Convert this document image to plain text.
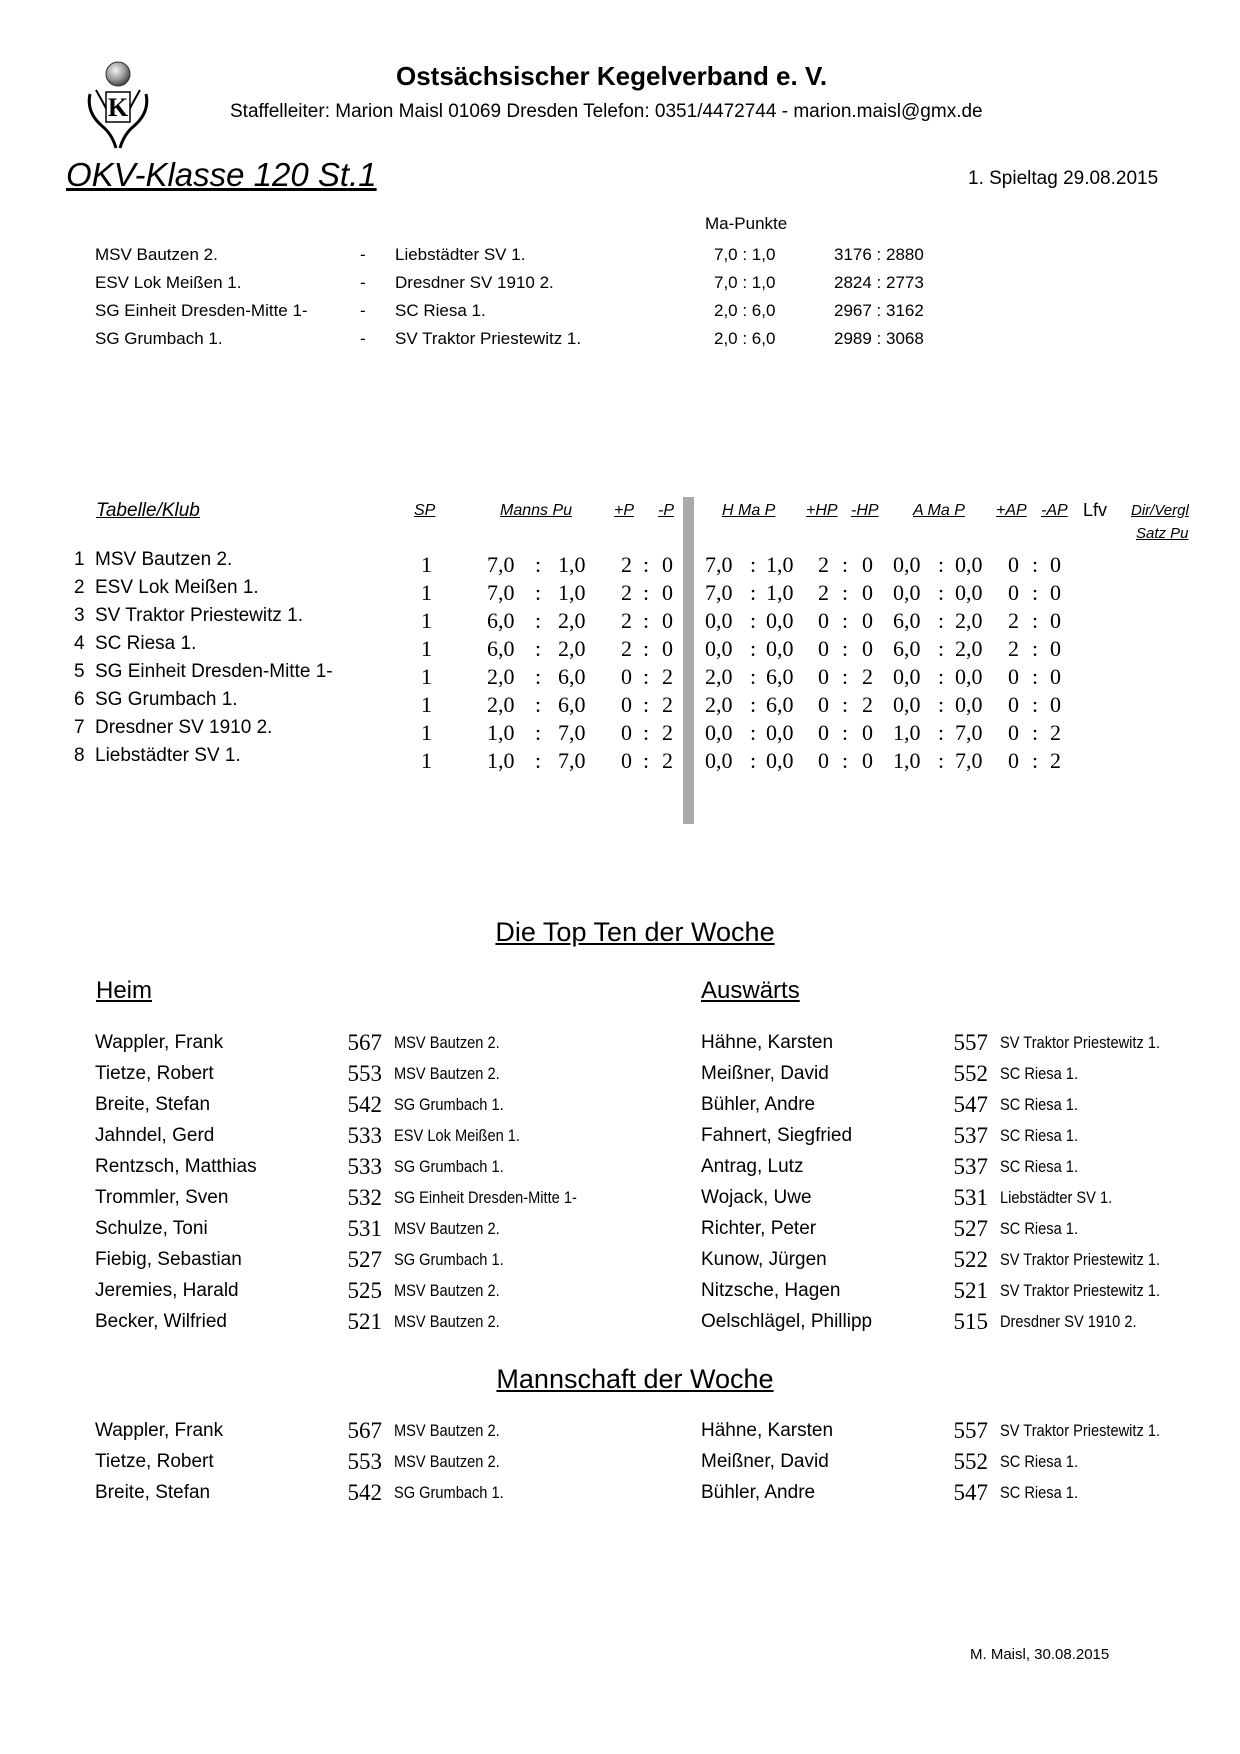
K
Ostsächsischer Kegelverband e. V.
Staffelleiter: Marion Maisl 01069 Dresden Telefon: 0351/4472744 - marion.maisl@gmx.de
OKV-Klasse 120 St.1	1. Spieltag 29.08.2015
Ma-Punkte
MSV Bautzen 2.	- Liebstädter SV 1.	7,0 : 1,0	3176 : 2880
ESV Lok Meißen 1.	- Dresdner SV 1910 2.	7,0 : 1,0	2824 : 2773
SG Einheit Dresden-Mitte 1-	- SC Riesa 1.	2,0 : 6,0	2967 : 3162
SG Grumbach 1.	- SV Traktor Priestewitz 1.	2,0 : 6,0	2989 : 3068
Tabelle/Klub	SP	Manns Pu	+P -P	H Ma P +HP -HP A Ma P +AP -AP Lfv Dir/Vergl
Satz Pu
1 MSV Bautzen 2.	1	7,0 : 1,0 2 : 0 7,0 : 1,0 2 : 0 0,0 : 0,0 0 : 0
2 ESV Lok Meißen 1.	1	7,0 : 1,0 2 : 0 7,0 : 1,0 2 : 0 0,0 : 0,0 0 : 0
3 SV Traktor Priestewitz 1.	1	6,0 : 2,0 2 : 0 0,0 : 0,0 0 : 0 6,0 : 2,0 2 : 0
4 SC Riesa 1.	1	6,0 : 2,0 2 : 0 0,0 : 0,0 0 : 0 6,0 : 2,0 2 : 0
5 SG Einheit Dresden-Mitte 1-	1	2,0 : 6,0 0 : 2 2,0 : 6,0 0 : 2 0,0 : 0,0 0 : 0
6 SG Grumbach 1.	1	2,0 : 6,0 0 : 2 2,0 : 6,0 0 : 2 0,0 : 0,0 0 : 0
7 Dresdner SV 1910 2.	1	1,0 : 7,0 0 : 2 0,0 : 0,0 0 : 0 1,0 : 7,0 0 : 2
8 Liebstädter SV 1.	1	1,0 : 7,0 0 : 2 0,0 : 0,0 0 : 0 1,0 : 7,0 0 : 2
Die Top Ten der Woche
Heim	Auswärts
Wappler, Frank	567 MSV Bautzen 2.	Hähne, Karsten	557 SV Traktor Priestewitz 1.
Tietze, Robert	553 MSV Bautzen 2.	Meißner, David	552 SC Riesa 1.
Breite, Stefan	542 SG Grumbach 1.	Bühler, Andre	547 SC Riesa 1.
Jahndel, Gerd	533 ESV Lok Meißen 1.	Fahnert, Siegfried	537 SC Riesa 1.
Rentzsch, Matthias	533 SG Grumbach 1.	Antrag, Lutz	537 SC Riesa 1.
Trommler, Sven	532 SG Einheit Dresden-Mitte 1-	Wojack, Uwe	531 Liebstädter SV 1.
Schulze, Toni	531 MSV Bautzen 2.	Richter, Peter	527 SC Riesa 1.
Fiebig, Sebastian	527 SG Grumbach 1.	Kunow, Jürgen	522 SV Traktor Priestewitz 1.
Jeremies, Harald	525 MSV Bautzen 2.	Nitzsche, Hagen	521 SV Traktor Priestewitz 1.
Becker, Wilfried	521 MSV Bautzen 2.	Oelschlägel, Phillipp	515 Dresdner SV 1910 2.
Mannschaft der Woche
Wappler, Frank	567 MSV Bautzen 2.	Hähne, Karsten	557 SV Traktor Priestewitz 1.
Tietze, Robert	553 MSV Bautzen 2.	Meißner, David	552 SC Riesa 1.
Breite, Stefan	542 SG Grumbach 1.	Bühler, Andre	547 SC Riesa 1.
M. Maisl, 30.08.2015
